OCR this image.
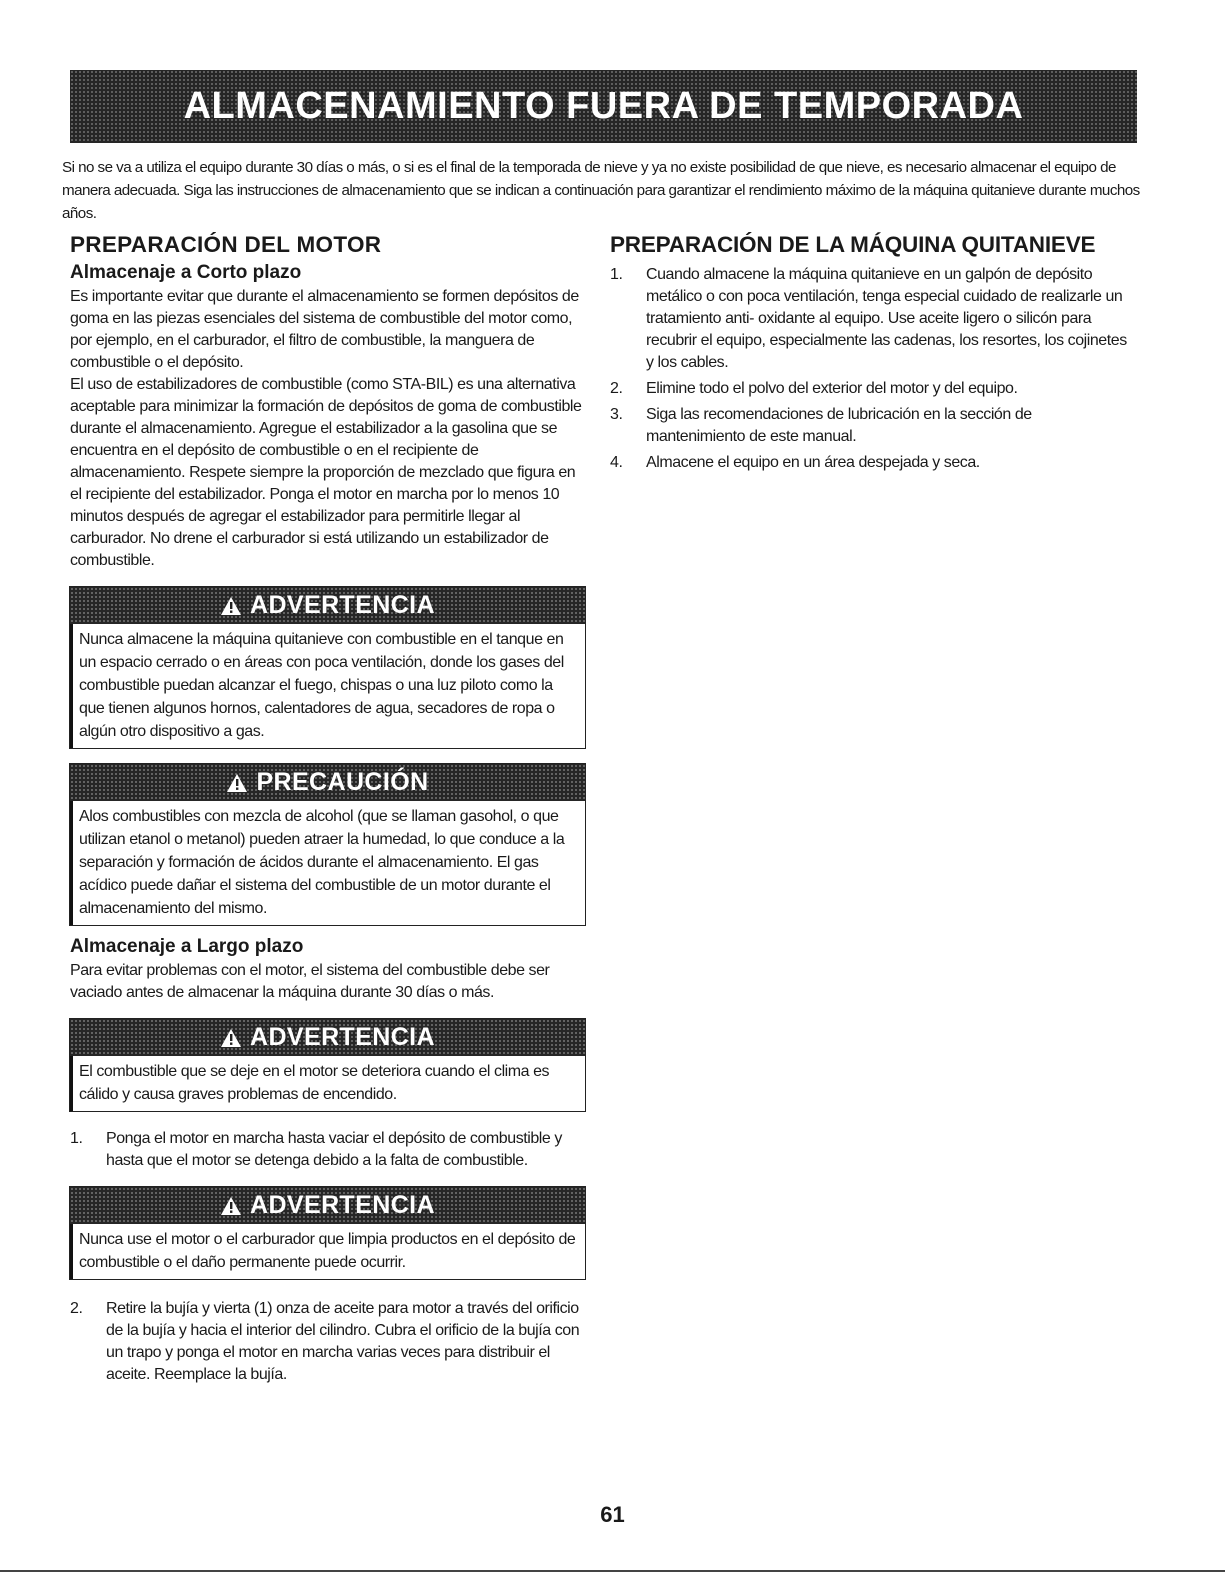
ALMACENAMIENTO FUERA DE TEMPORADA

Si no se va a utiliza el equipo durante 30 días o más, o si es el final de la temporada de nieve y ya no existe posibilidad de que nieve, es necesario almacenar el equipo de manera adecuada. Siga las instrucciones de almacenamiento que se indican a continuación para garantizar el rendimiento máximo de la máquina quitanieve durante muchos años.

PREPARACIÓN DEL MOTOR
Almacenaje a Corto plazo

Es importante evitar que durante el almacenamiento se formen depósitos de goma en las piezas esenciales del sistema de combustible del motor como, por ejemplo, en el carburador, el filtro de combustible, la manguera de combustible o el depósito.

El uso de estabilizadores de combustible (como STA-BIL) es una alternativa aceptable para minimizar la formación de depósitos de goma de combustible durante el almacenamiento. Agregue el estabilizador a la gasolina que se encuentra en el depósito de combustible o en el recipiente de almacenamiento. Respete siempre la proporción de mezclado que figura en el recipiente del estabilizador. Ponga el motor en marcha por lo menos 10 minutos después de agregar el estabilizador para permitirle llegar al carburador. No drene el carburador si está utilizando un estabilizador de combustible.

ADVERTENCIA
Nunca almacene la máquina quitanieve con combustible en el tanque en un espacio cerrado o en áreas con poca ventilación, donde los gases del combustible puedan alcanzar el fuego, chispas o una luz piloto como la que tienen algunos hornos, calentadores de agua, secadores de ropa o algún otro dispositivo a gas.
PRECAUCIÓN
Alos combustibles con mezcla de alcohol (que se llaman gasohol, o que utilizan etanol o metanol) pueden atraer la humedad, lo que conduce a la separación y formación de ácidos durante el almacenamiento. El gas acídico puede dañar el sistema del combustible de un motor durante el almacenamiento del mismo.
Almacenaje a Largo plazo

Para evitar problemas con el motor, el sistema del combustible debe ser vaciado antes de almacenar la máquina durante 30 días o más.

ADVERTENCIA
El combustible que se deje en el motor se deteriora cuando el clima es cálido y causa graves problemas de encendido.
1.	Ponga el motor en marcha hasta vaciar el depósito de combustible y hasta que el motor se detenga debido a la falta de combustible.
ADVERTENCIA
Nunca use el motor o el carburador que limpia productos en el depósito de combustible o el daño permanente puede ocurrir.
2.	Retire la bujía y vierta (1) onza de aceite para motor a través del orificio de la bujía y hacia el interior del cilindro. Cubra el orificio de la bujía con un trapo y ponga el motor en marcha varias veces para distribuir el aceite. Reemplace la bujía.
PREPARACIÓN DE LA MÁQUINA QUITANIEVE
1.	Cuando almacene la máquina quitanieve en un galpón de depósito metálico o con poca ventilación, tenga especial cuidado de realizarle un tratamiento anti- oxidante al equipo. Use aceite ligero o silicón para recubrir el equipo, especialmente las cadenas, los resortes, los cojinetes y los cables.
2.	Elimine todo el polvo del exterior del motor y del equipo.
3.	Siga las recomendaciones de lubricación en la sección de mantenimiento de este manual.
4.	Almacene el equipo en un área despejada y seca.
61
